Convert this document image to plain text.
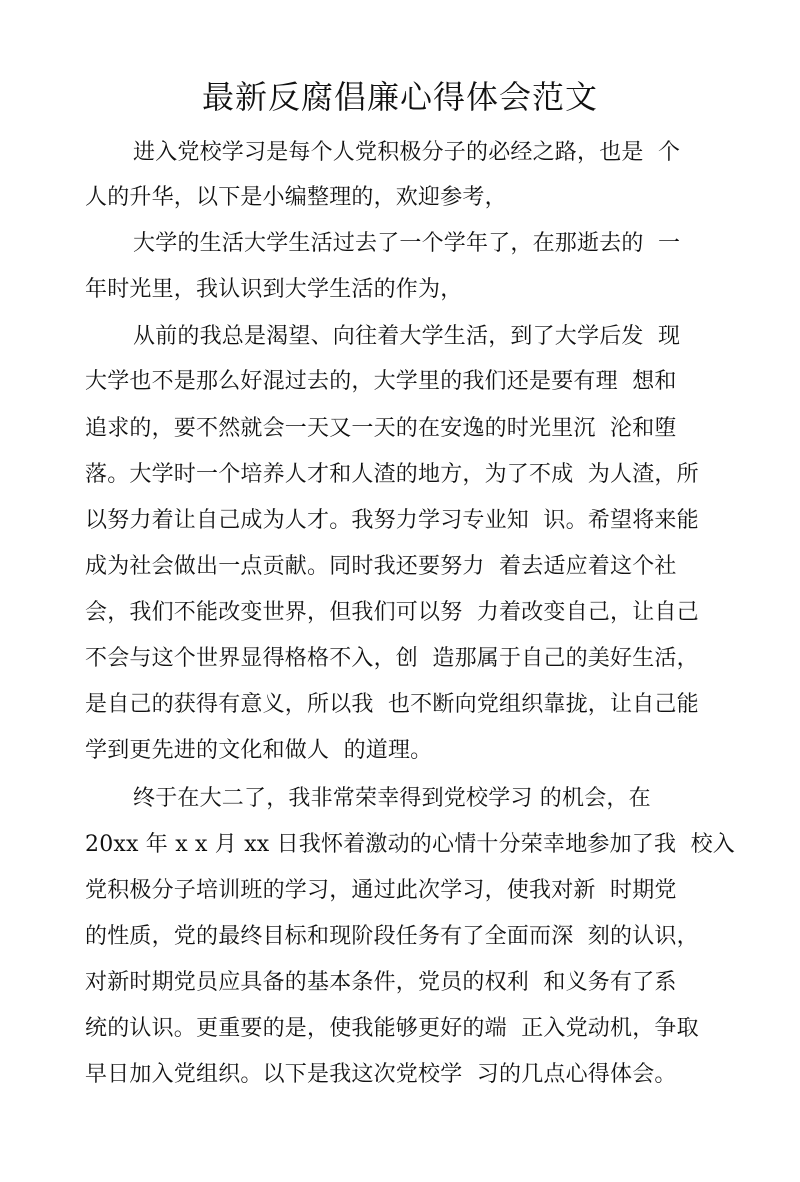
最新反腐倡廉心得体会范文
进入党校学习是每个人党积极分子的必经之路，也是  个
人的升华，以下是小编整理的，欢迎参考，
大学的生活大学生活过去了一个学年了，在那逝去的  一
年时光里，我认识到大学生活的作为，
从前的我总是渴望、向往着大学生活，到了大学后发  现
大学也不是那么好混过去的，大学里的我们还是要有理  想和
追求的，要不然就会一天又一天的在安逸的时光里沉  沦和堕
落。大学时一个培养人才和人渣的地方，为了不成  为人渣，所
以努力着让自己成为人才。我努力学习专业知  识。希望将来能
成为社会做出一点贡献。同时我还要努力  着去适应着这个社
会，我们不能改变世界，但我们可以努  力着改变自己，让自己
不会与这个世界显得格格不入，创  造那属于自己的美好生活，
是自己的获得有意义，所以我  也不断向党组织靠拢，让自己能
学到更先进的文化和做人  的道理。
终于在大二了，我非常荣幸得到党校学习 的机会，在
20xx 年 x x 月 xx 日我怀着激动的心情十分荣幸地参加了我  校入
党积极分子培训班的学习，通过此次学习，使我对新  时期党
的性质，党的最终目标和现阶段任务有了全面而深  刻的认识，
对新时期党员应具备的基本条件，党员的权利  和义务有了系
统的认识。更重要的是，使我能够更好的端  正入党动机，争取
早日加入党组织。以下是我这次党校学  习的几点心得体会。
